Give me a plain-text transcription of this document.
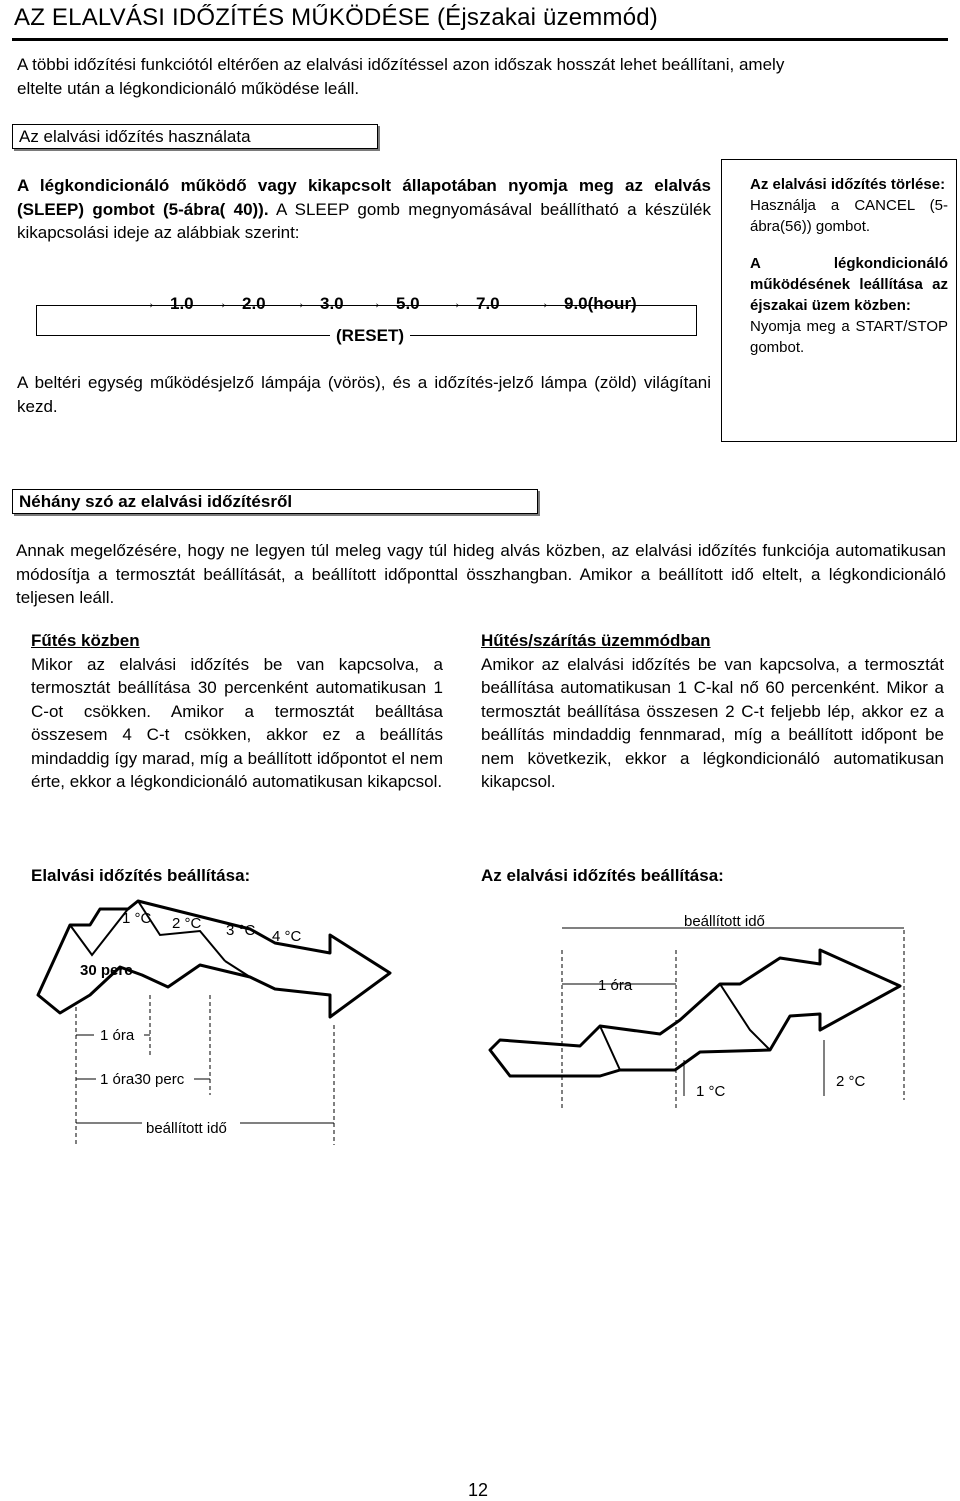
AZ ELALVÁSI IDŐZÍTÉS MŰKÖDÉSE (Éjszakai üzemmód)
A többi időzítési funkciótól eltérően az elalvási időzítéssel azon időszak hosszát lehet beállítani, amely
eltelte után a légkondicionáló működése leáll.
Az elalvási időzítés használata
A légkondicionáló működő vagy kikapcsolt állapotában nyomja meg az elalvás (SLEEP) gombot (5-ábra( 40)). A SLEEP gomb megnyomásával beállítható a készülék kikapcsolási ideje az alábbiak szerint:
→	→	→	→	→	→
1.0	2.0	3.0	5.0	7.0	9.0(hour)
(RESET)
A beltéri egység működésjelző lámpája (vörös), és a időzítés-jelző lámpa (zöld) világítani kezd.
Az elalvási időzítés törlése:
Használja a CANCEL (5-ábra(56)) gombot.
A légkondicionáló működésének leállítása az éjszakai üzem közben:
Nyomja meg a START/STOP gombot.
Néhány szó az elalvási időzítésről
Annak megelőzésére, hogy ne legyen túl meleg vagy túl hideg alvás közben, az elalvási időzítés funkciója automatikusan módosítja a termosztát beállítását, a beállított időponttal összhangban. Amikor a beállított idő eltelt, a légkondicionáló teljesen leáll.
Fűtés közben
Mikor az elalvási időzítés be van kapcsolva, a termosztát beállítása 30 percenként automatikusan 1 C-ot csökken. Amikor a termosztát beálltása összesem 4 C-t csökken, akkor ez a beállítás mindaddig így marad, míg a beállított időpontot el nem érte, ekkor a légkondicionáló automatikusan kikapcsol.
Hűtés/szárítás üzemmódban
Amikor az elalvási időzítés be van kapcsolva, a termosztát beállítása automatikusan 1 C-kal nő 60 percenként. Mikor a termosztát beállítása összesen 2 C-t feljebb lép, akkor ez a beállítás mindaddig fennmarad, míg a beállított időpont be nem következik, ekkor a légkondicionáló automatikusan kikapcsol.
Elalvási időzítés beállítása:	Az elalvási időzítés beállítása:
1 °C 2 °C 3 °C 4 °C
30 perc
1 óra
1 óra30 perc
beállított idő
beállított idő
1 óra
1 °C
2 °C
12
